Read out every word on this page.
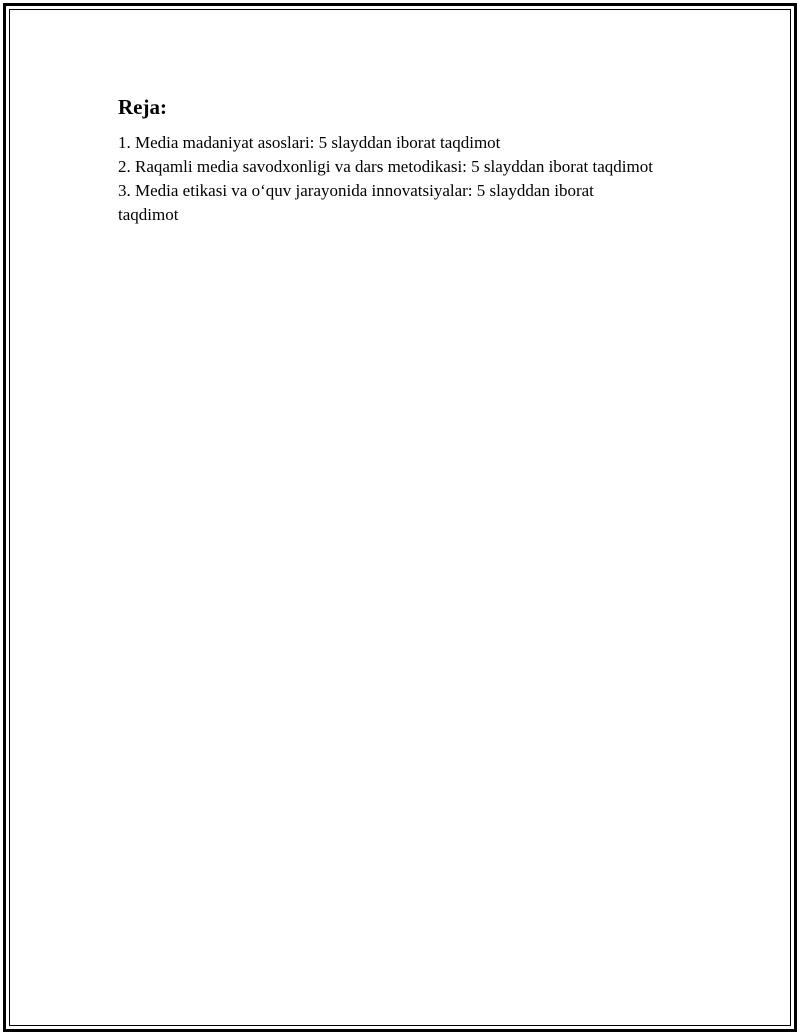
Reja:
1. Media madaniyat asoslari: 5 slayddan iborat taqdimot
2. Raqamli media savodxonligi va dars metodikasi: 5 slayddan iborat taqdimot
3. Media etikasi va o‘quv jarayonida innovatsiyalar: 5 slayddan iborat taqdimot
